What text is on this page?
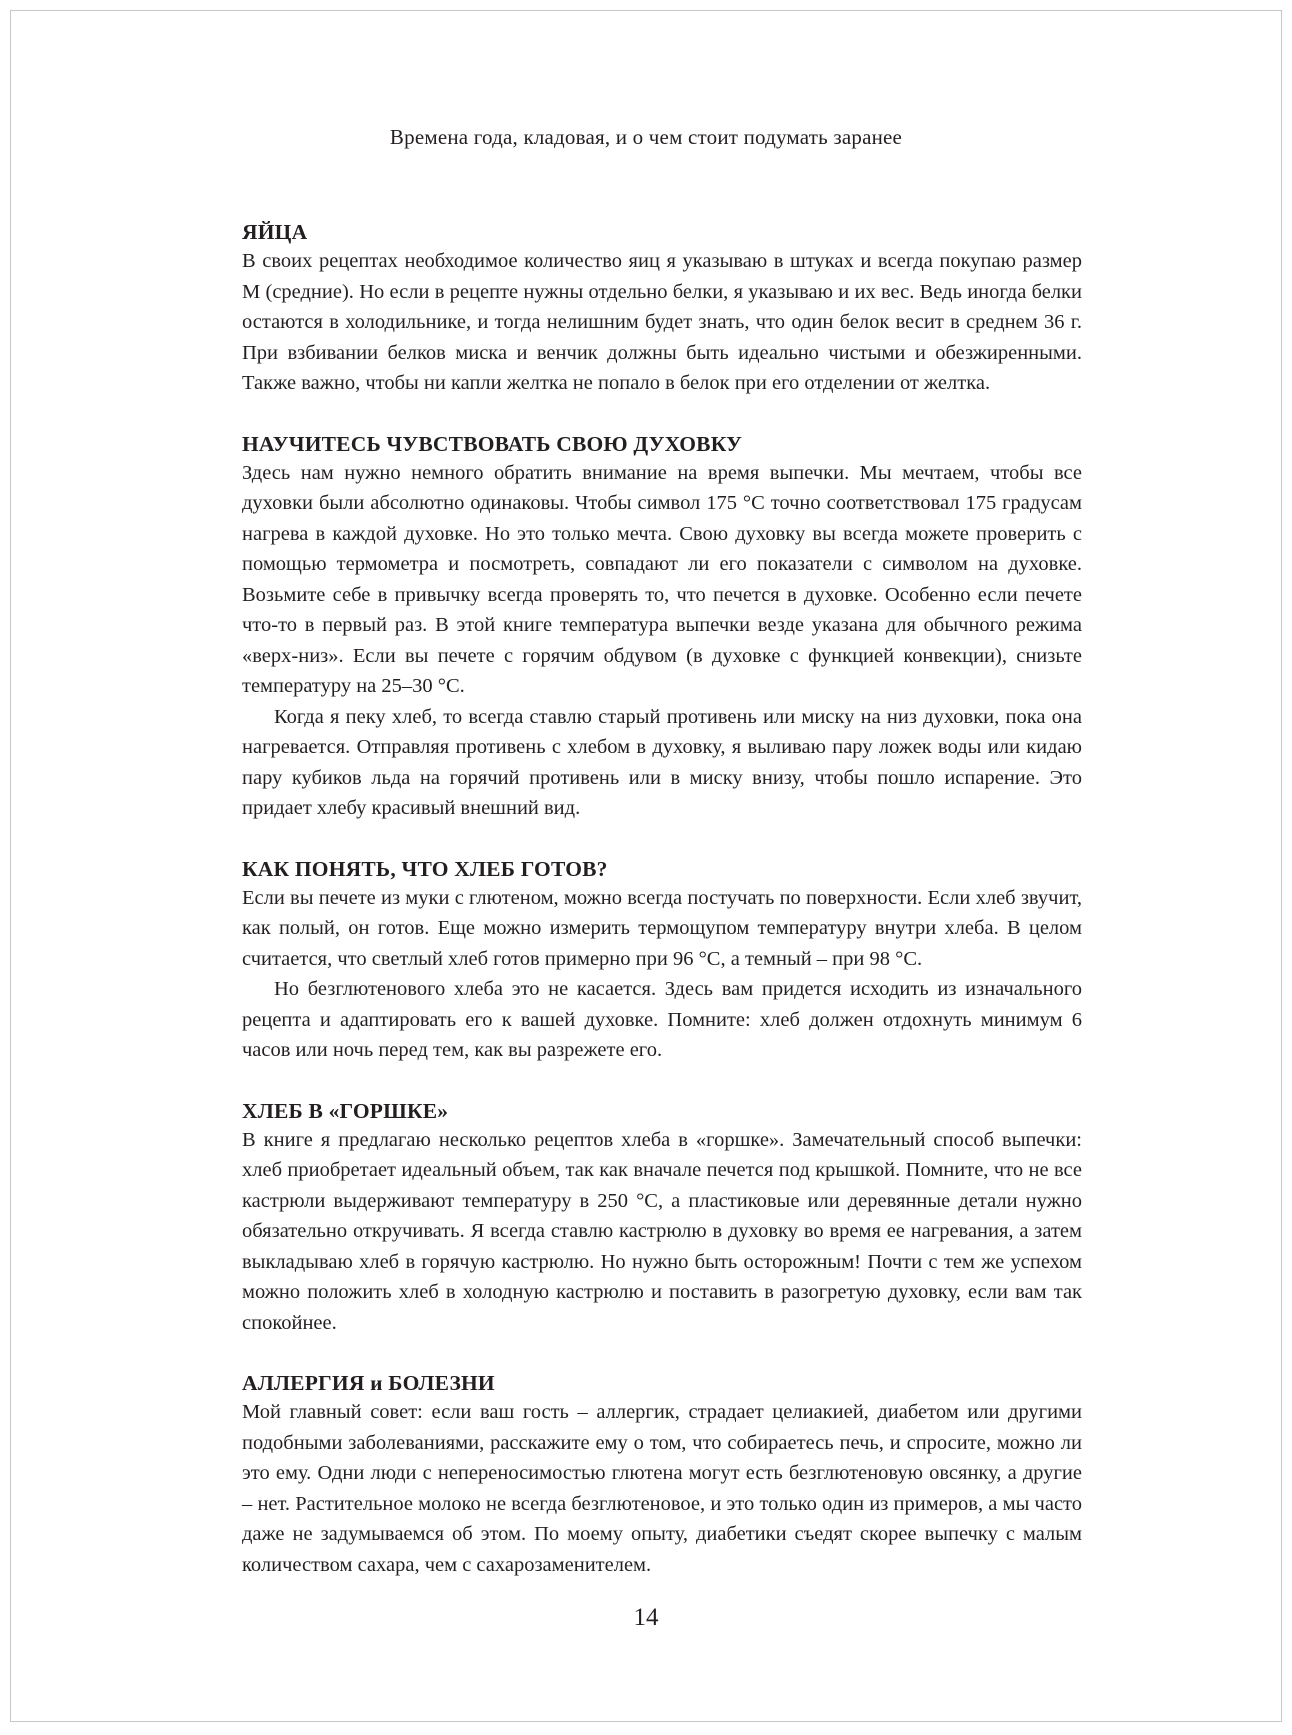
Времена года, кладовая, и о чем стоит подумать заранее
ЯЙЦА

В своих рецептах необходимое количество яиц я указываю в штуках и всегда покупаю размер M (средние). Но если в рецепте нужны отдельно белки, я указываю и их вес. Ведь иногда белки остаются в холодильнике, и тогда нелишним будет знать, что один белок весит в среднем 36 г. При взбивании белков миска и венчик должны быть идеально чистыми и обезжиренными. Также важно, чтобы ни капли желтка не попало в белок при его отделении от желтка.

НАУЧИТЕСЬ ЧУВСТВОВАТЬ СВОЮ ДУХОВКУ

Здесь нам нужно немного обратить внимание на время выпечки. Мы мечтаем, чтобы все духовки были абсолютно одинаковы. Чтобы символ 175 °C точно соответствовал 175 градусам нагрева в каждой духовке. Но это только мечта. Свою духовку вы всегда можете проверить с помощью термометра и посмотреть, совпадают ли его показатели с символом на духовке. Возьмите себе в привычку всегда проверять то, что печется в духовке. Особенно если печете что-то в первый раз. В этой книге температура выпечки везде указана для обычного режима «верх-низ». Если вы печете с горячим обдувом (в духовке с функцией конвекции), снизьте температуру на 25–30 °C.

Когда я пеку хлеб, то всегда ставлю старый противень или миску на низ духовки, пока она нагревается. Отправляя противень с хлебом в духовку, я выливаю пару ложек воды или кидаю пару кубиков льда на горячий противень или в миску внизу, чтобы пошло испарение. Это придает хлебу красивый внешний вид.

КАК ПОНЯТЬ, ЧТО ХЛЕБ ГОТОВ?

Если вы печете из муки с глютеном, можно всегда постучать по поверхности. Если хлеб звучит, как полый, он готов. Еще можно измерить термощупом температуру внутри хлеба. В целом считается, что светлый хлеб готов примерно при 96 °C, а темный – при 98 °C.

Но безглютенового хлеба это не касается. Здесь вам придется исходить из изначального рецепта и адаптировать его к вашей духовке. Помните: хлеб должен отдохнуть минимум 6 часов или ночь перед тем, как вы разрежете его.

ХЛЕБ В «ГОРШКЕ»

В книге я предлагаю несколько рецептов хлеба в «горшке». Замечательный способ выпечки: хлеб приобретает идеальный объем, так как вначале печется под крышкой. Помните, что не все кастрюли выдерживают температуру в 250 °C, а пластиковые или деревянные детали нужно обязательно откручивать. Я всегда ставлю кастрюлю в духовку во время ее нагревания, а затем выкладываю хлеб в горячую кастрюлю. Но нужно быть осторожным! Почти с тем же успехом можно положить хлеб в холодную кастрюлю и поставить в разогретую духовку, если вам так спокойнее.

АЛЛЕРГИЯ и БОЛЕЗНИ

Мой главный совет: если ваш гость – аллергик, страдает целиакией, диабетом или другими подобными заболеваниями, расскажите ему о том, что собираетесь печь, и спросите, можно ли это ему. Одни люди с непереносимостью глютена могут есть безглютеновую овсянку, а другие – нет. Растительное молоко не всегда безглютеновое, и это только один из примеров, а мы часто даже не задумываемся об этом. По моему опыту, диабетики съедят скорее выпечку с малым количеством сахара, чем с сахарозаменителем.

14
